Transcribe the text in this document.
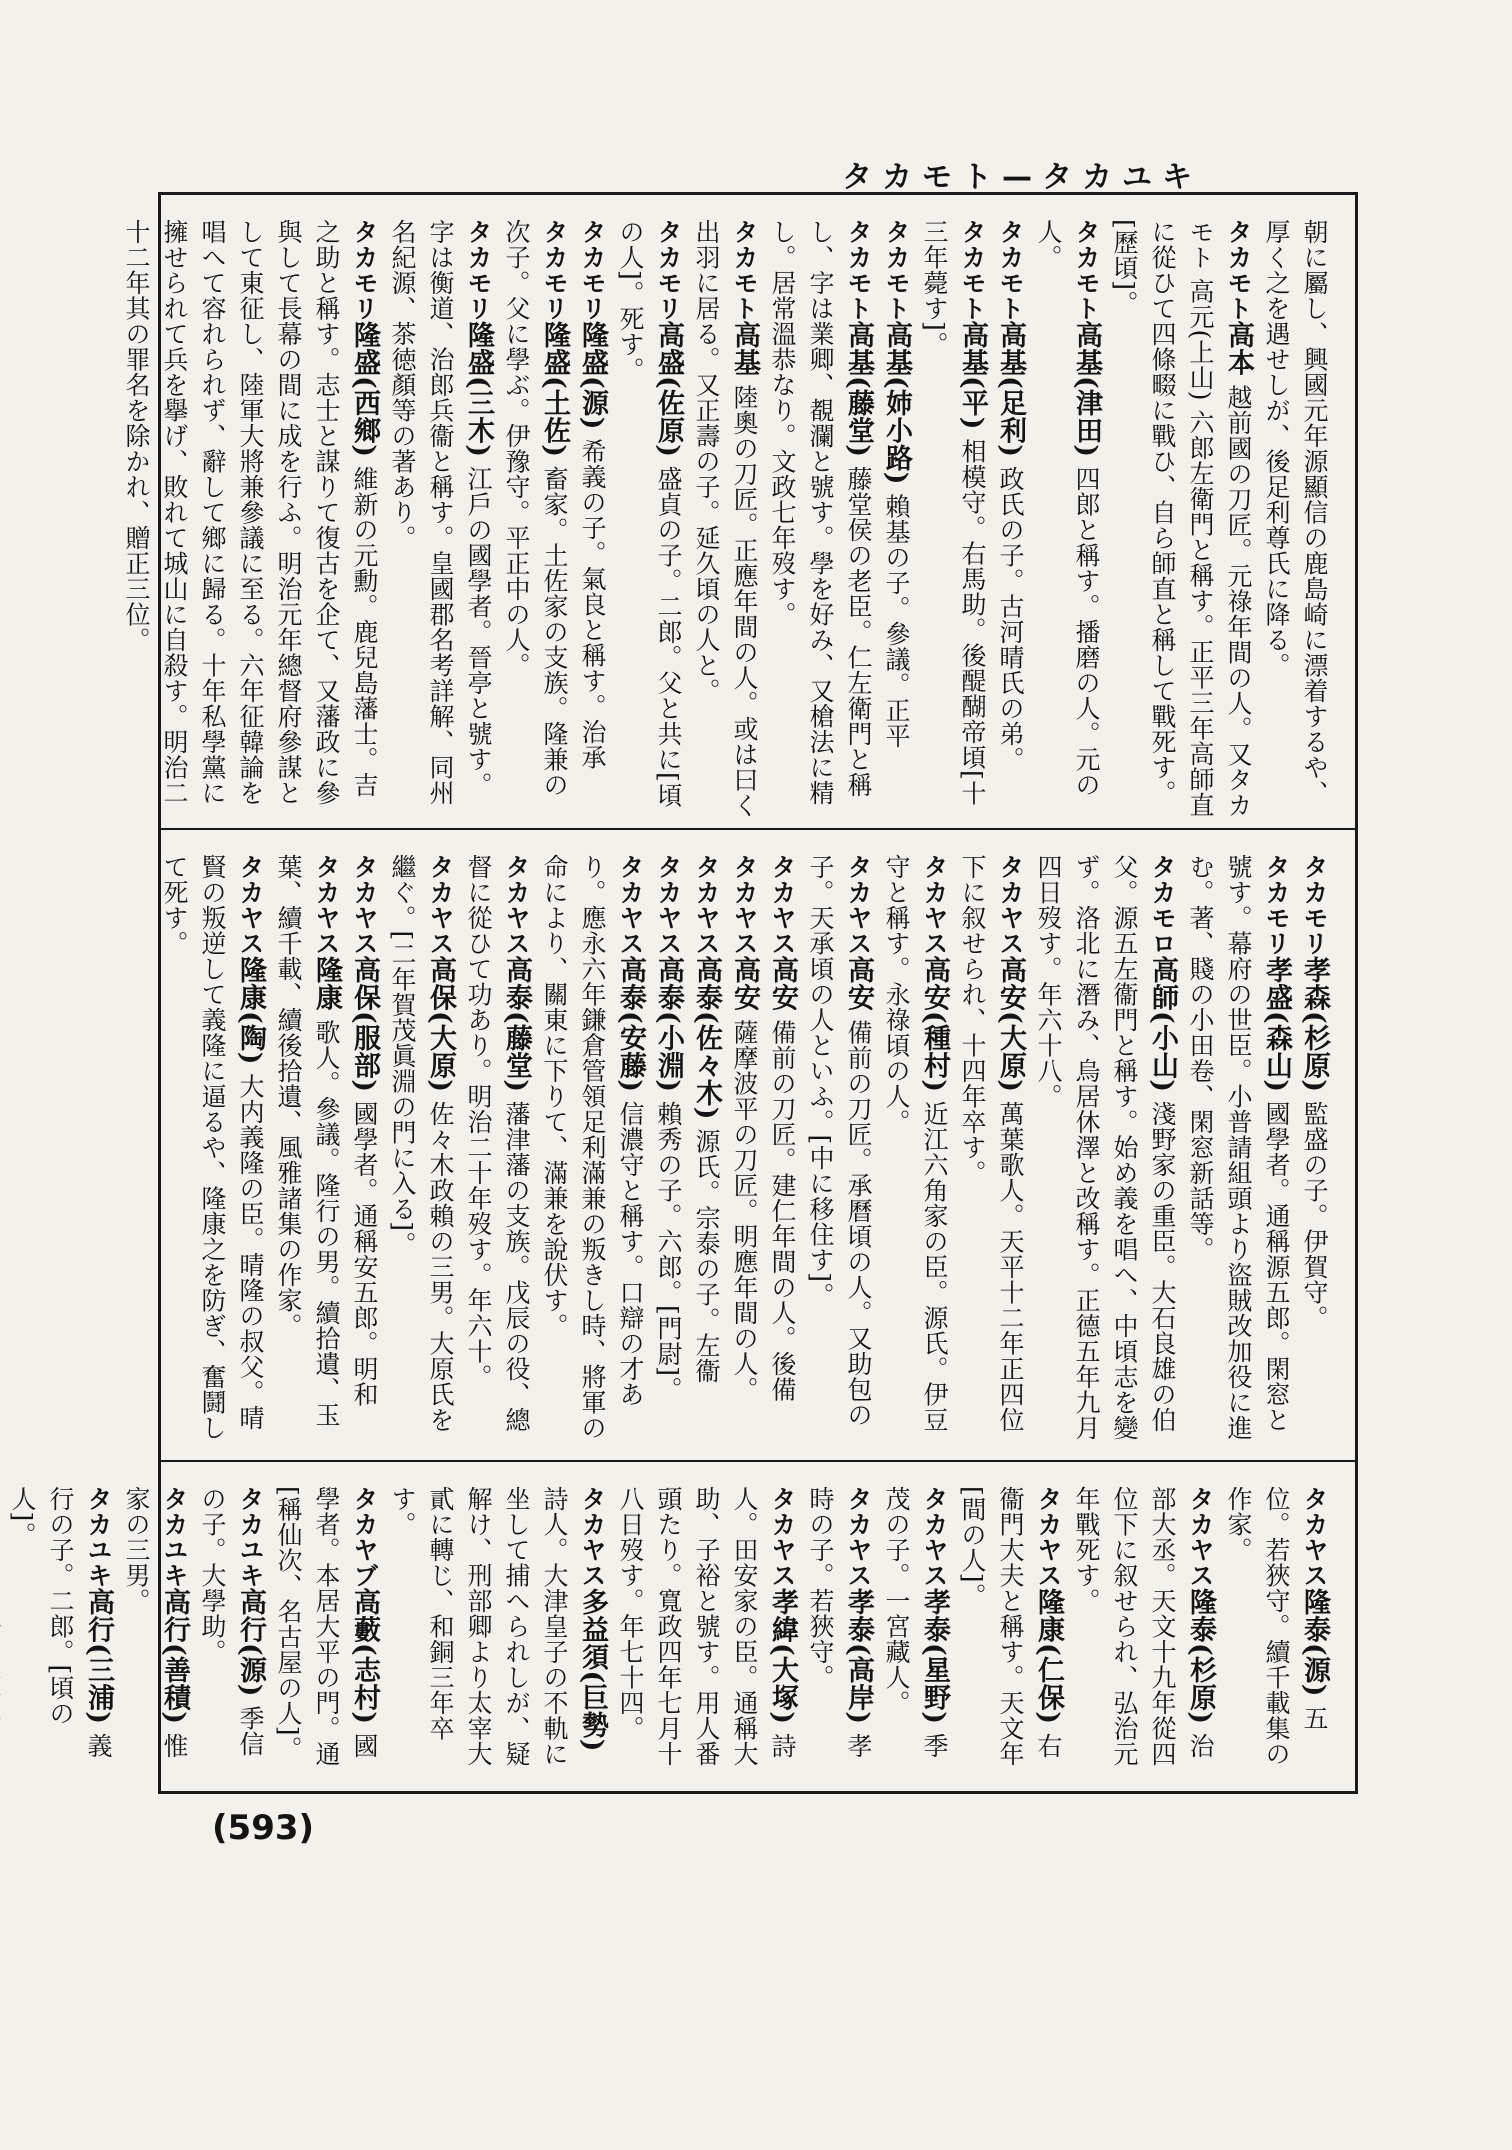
タカモト—タカユキ
朝に屬し、興國元年源顯信の鹿島崎に漂着するや、厚く之を遇せしが、後足利尊氏に降る。
タカモト高本 越前國の刀匠。元祿年間の人。又タカモト 高元(上山) 六郎左衛門と稱す。正平三年高師直に從ひて四條畷に戰ひ、自ら師直と稱して戰死す。[歷頃]。
タカモト高基(津田) 四郎と稱す。播磨の人。元の人。
タカモト高基(足利) 政氏の子。古河晴氏の弟。
タカモト高基(平) 相模守。右馬助。後醍醐帝頃[十三年薨す]。
タカモト高基(姉小路) 賴基の子。參議。正平
タカモト高基(藤堂) 藤堂侯の老臣。仁左衛門と稱し、字は業卿、覩瀾と號す。學を好み、又槍法に精し。居常溫恭なり。文政七年歿す。
タカモト高基 陸奧の刀匠。正應年間の人。或は曰く出羽に居る。又正壽の子。延久頃の人と。
タカモリ高盛(佐原) 盛貞の子。二郎。父と共に[頃の人]。死す。
タカモリ隆盛(源) 希義の子。氣良と稱す。治承
タカモリ隆盛(土佐) 畜家。土佐家の支族。隆兼の次子。父に學ぶ。伊豫守。平正中の人。
タカモリ隆盛(三木) 江戶の國學者。晉亭と號す。字は衡道、治郎兵衞と稱す。皇國郡名考詳解、同州名紀源、茶徳顏等の著あり。
タカモリ隆盛(西鄉) 維新の元勳。鹿兒島藩士。吉之助と稱す。志士と謀りて復古を企て、又藩政に參與して長幕の間に成を行ふ。明治元年總督府參謀として東征し、陸軍大將兼參議に至る。六年征韓論を唱へて容れられず、辭して鄉に歸る。十年私學黨に擁せられて兵を擧げ、敗れて城山に自殺す。明治二十二年其の罪名を除かれ、贈正三位。
タカモリ孝森(杉原) 監盛の子。伊賀守。
タカモリ孝盛(森山) 國學者。通稱源五郎。閑窓と號す。幕府の世臣。小普請組頭より盜賊改加役に進む。著、賤の小田卷、閑窓新話等。
タカモロ高師(小山) 淺野家の重臣。大石良雄の伯父。源五左衞門と稱す。始め義を唱へ、中頃志を變ず。洛北に潛み、烏居休澤と改稱す。正德五年九月四日歿す。年六十八。
タカヤス高安(大原) 萬葉歌人。天平十二年正四位下に叙せられ、十四年卒す。
タカヤス高安(種村) 近江六角家の臣。源氏。伊豆守と稱す。永祿頃の人。
タカヤス高安 備前の刀匠。承曆頃の人。又助包の子。天承頃の人といふ。[中に移住す]。
タカヤス高安 備前の刀匠。建仁年間の人。後備
タカヤス高安 薩摩波平の刀匠。明應年間の人。
タカヤス高泰(佐々木) 源氏。宗泰の子。左衞
タカヤス高泰(小淵) 賴秀の子。六郎。[門尉]。
タカヤス高泰(安藤) 信濃守と稱す。口辯の才あり。應永六年鎌倉管領足利滿兼の叛きし時、將軍の命により、關東に下りて、滿兼を說伏す。
タカヤス高泰(藤堂) 藩津藩の支族。戊辰の役、總督に從ひて功あり。明治二十年歿す。年六十。
タカヤス高保(大原) 佐々木政賴の三男。大原氏を繼ぐ。[二年賀茂眞淵の門に入る]。
タカヤス高保(服部) 國學者。通稱安五郎。明和
タカヤス隆康 歌人。參議。隆行の男。續拾遺、玉葉、續千載、續後拾遺、風雅諸集の作家。
タカヤス隆康(陶) 大内義隆の臣。晴隆の叔父。晴賢の叛逆して義隆に逼るや、隆康之を防ぎ、奮鬪して死す。
タカヤス隆泰(源) 五位。若狹守。續千載集の作家。
タカヤス隆泰(杉原) 治部大丞。天文十九年從四位下に叙せられ、弘治元年戰死す。
タカヤス隆康(仁保) 右衞門大夫と稱す。天文年[間の人]。
タカヤス孝泰(星野) 季茂の子。一宮藏人。
タカヤス孝泰(高岸) 孝時の子。若狹守。
タカヤス孝緯(大塚) 詩人。田安家の臣。通稱大助、子裕と號す。用人番頭たり。寬政四年七月十八日歿す。年七十四。
タカヤス多益須(巨勢) 詩人。大津皇子の不軌に坐して捕へられしが、疑解け、刑部卿より太宰大貳に轉じ、和銅三年卒す。
タカヤブ高藪(志村) 國學者。本居大平の門。通[稱仙次、名古屋の人]。
タカユキ高行(源) 季信の子。大學助。
タカユキ高行(善積) 惟家の三男。
タカユキ高行(三浦) 義行の子。二郎。[頃の人]。
(593)
